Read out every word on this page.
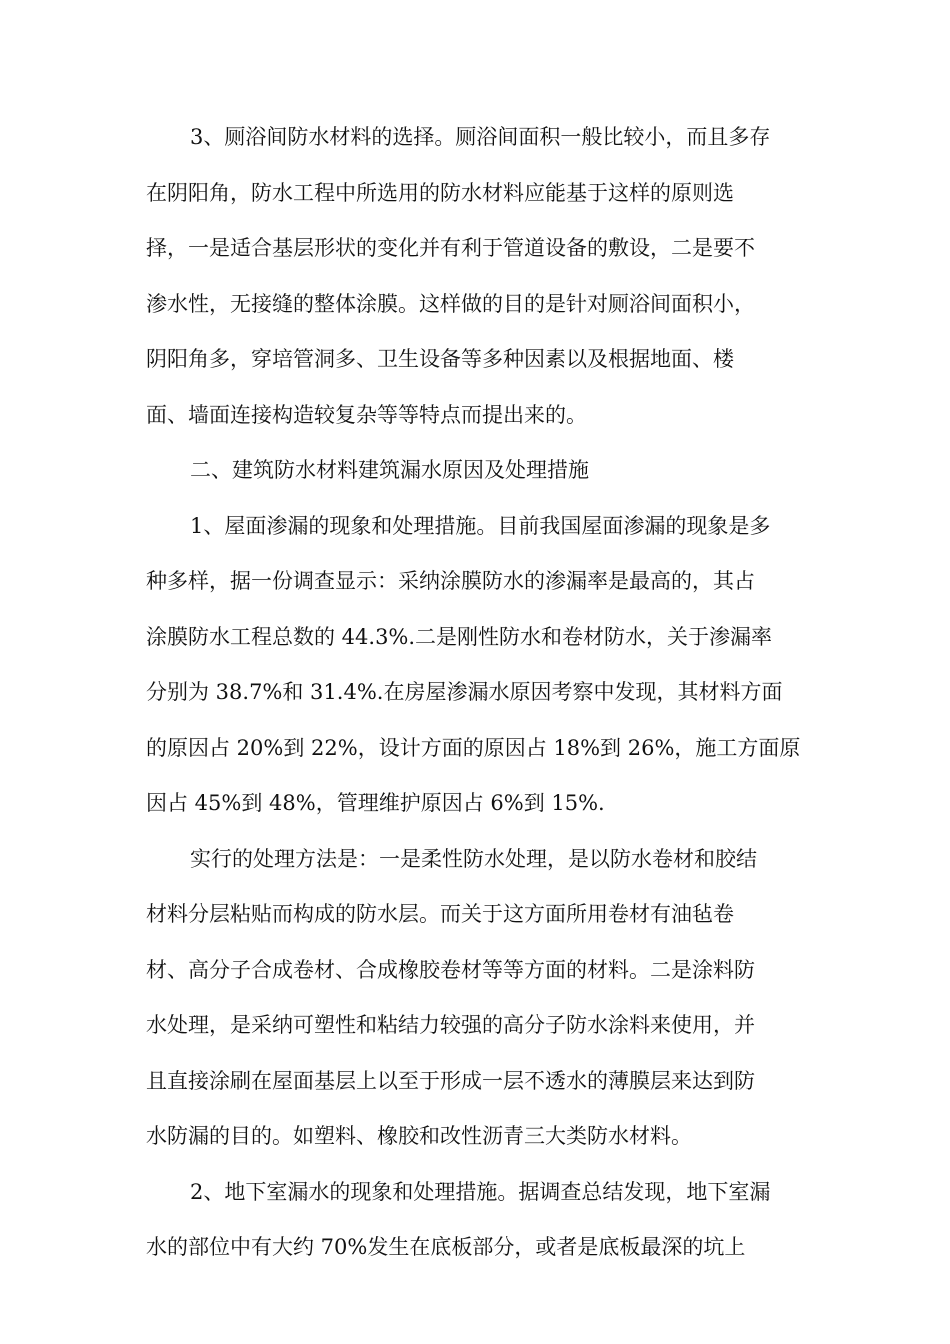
3、厕浴间防水材料的选择。厕浴间面积一般比较小，而且多存
在阴阳角，防水工程中所选用的防水材料应能基于这样的原则选
择，一是适合基层形状的变化并有利于管道设备的敷设，二是要不
渗水性，无接缝的整体涂膜。这样做的目的是针对厕浴间面积小，
阴阳角多，穿培管洞多、卫生设备等多种因素以及根据地面、楼
面、墙面连接构造较复杂等等特点而提出来的。
二、建筑防水材料建筑漏水原因及处理措施
1、屋面渗漏的现象和处理措施。目前我国屋面渗漏的现象是多
种多样，据一份调查显示：采纳涂膜防水的渗漏率是最高的，其占
涂膜防水工程总数的 44.3%.二是刚性防水和卷材防水，关于渗漏率
分别为 38.7%和 31.4%.在房屋渗漏水原因考察中发现，其材料方面
的原因占 20%到 22%，设计方面的原因占 18%到 26%，施工方面原
因占 45%到 48%，管理维护原因占 6%到 15%.
实行的处理方法是：一是柔性防水处理，是以防水卷材和胶结
材料分层粘贴而构成的防水层。而关于这方面所用卷材有油毡卷
材、高分子合成卷材、合成橡胶卷材等等方面的材料。二是涂料防
水处理，是采纳可塑性和粘结力较强的高分子防水涂料来使用，并
且直接涂刷在屋面基层上以至于形成一层不透水的薄膜层来达到防
水防漏的目的。如塑料、橡胶和改性沥青三大类防水材料。
2、地下室漏水的现象和处理措施。据调查总结发现，地下室漏
水的部位中有大约 70%发生在底板部分，或者是底板最深的坑上
